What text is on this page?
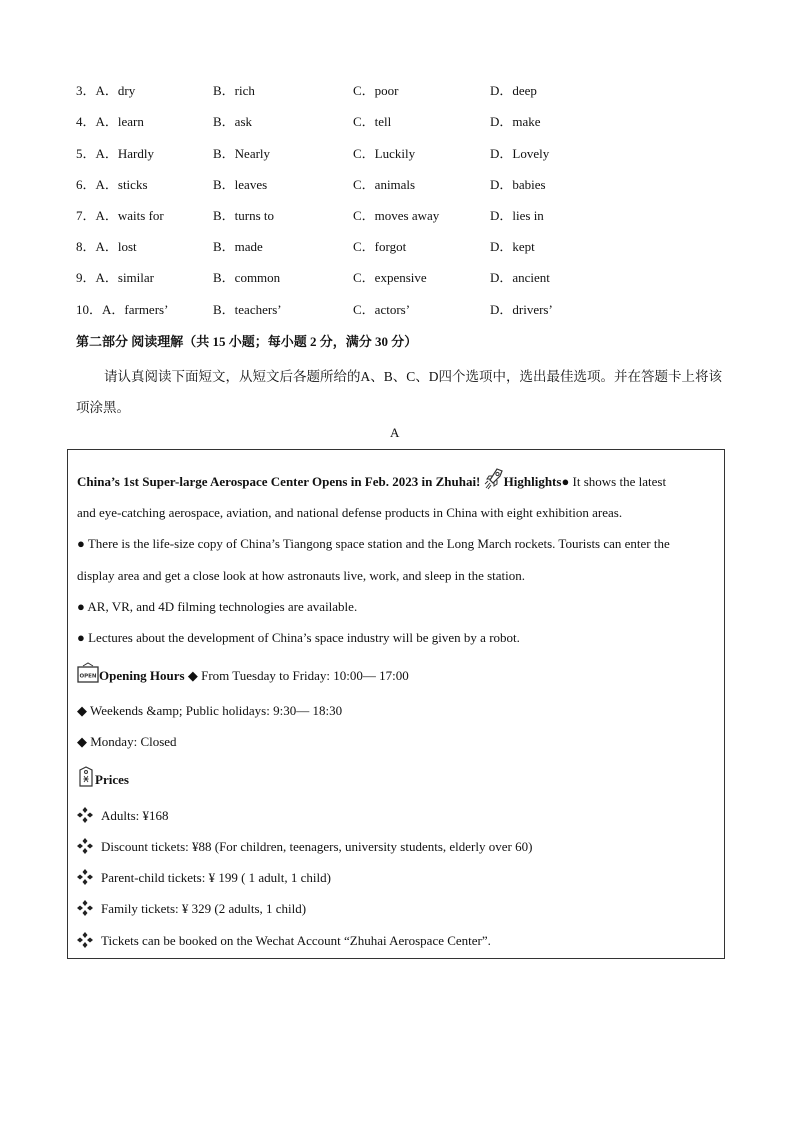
3．A．dry	B．rich	C．poor	D．deep
4．A．learn	B．ask	C．tell	D．make
5．A．Hardly	B．Nearly	C．Luckily	D．Lovely
6．A．sticks	B．leaves	C．animals	D．babies
7．A．waits for	B．turns to	C．moves away	D．lies in
8．A．lost	B．made	C．forgot	D．kept
9．A．similar	B．common	C．expensive	D．ancient
10．A．farmers’	B．teachers’	C．actors’	D．drivers’
第二部分 阅读理解（共 15 小题；每小题 2 分，满分 30 分）
请认真阅读下面短文，从短文后各题所给的A、B、C、D四个选项中，选出最佳选项。并在答题卡上将该项涂黑。
A
China’s 1st Super-large Aerospace Center Opens in Feb. 2023 in Zhuhai! Highlights● It shows the latest
and eye-catching aerospace, aviation, and national defense products in China with eight exhibition areas.
● There is the life-size copy of China’s Tiangong space station and the Long March rockets. Tourists can enter the
display area and get a close look at how astronauts live, work, and sleep in the station.
● AR, VR, and 4D filming technologies are available.
● Lectures about the development of China’s space industry will be given by a robot.
OPEN Opening Hours ◆ From Tuesday to Friday: 10:00— 17:00
◆ Weekends &amp; Public holidays: 9:30— 18:30
◆ Monday: Closed
Prices
Adults: ¥168
Discount tickets: ¥88 (For children, teenagers, university students, elderly over 60)
Parent-child tickets: ¥ 199 ( 1 adult, 1 child)
Family tickets: ¥ 329 (2 adults, 1 child)
Tickets can be booked on the Wechat Account “Zhuhai Aerospace Center”.
